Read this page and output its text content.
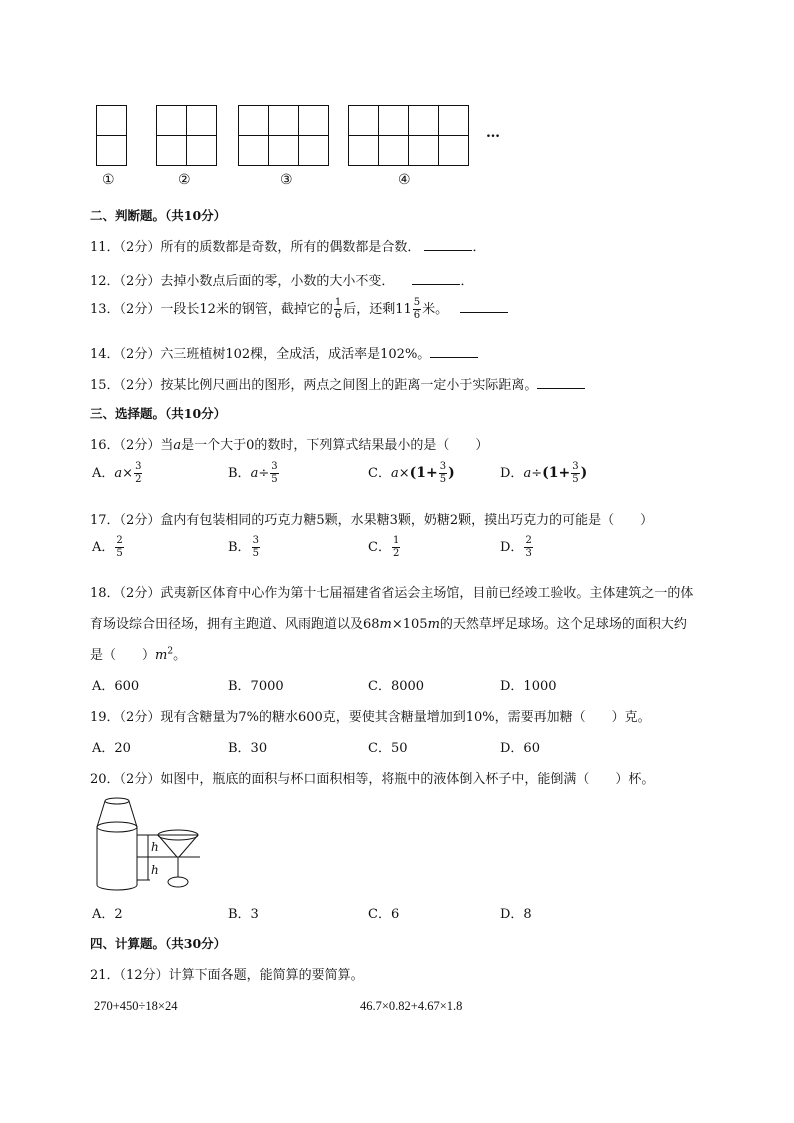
…
①	②	③	④
二、判断题。（共10分）
11．（2分）所有的质数都是奇数，所有的偶数都是合数．	．
12．（2分）去掉小数点后面的零，小数的大小不变．	．
13．（2分）一段长12米的钢管，截掉它的 $\frac{1}{6}$ 后，还剩$11 \frac{5}{6}$ 米。
14．（2分）六三班植树102棵，全成活，成活率是102%。
15．（2分）按某比例尺画出的图形，两点之间图上的距离一定小于实际距离。
三、选择题。（共10分）
16．（2分）当a是一个大于0的数时，下列算式结果最小的是（　　）
A．$a\times \frac{3}{2}$	B．$a\div \frac{3}{5}$	C．$a\times(1+ \frac{3}{5}$ )	D．$a\div(1+ \frac{3}{5}$ )
17．（2分）盒内有包装相同的巧克力糖5颗，水果糖3颗，奶糖2颗，摸出巧克力的可能是（　　）
A． $\frac{2}{5}$	B． $\frac{3}{5}$	C． $\frac{1}{2}$	D． $\frac{2}{3}$
18．（2分）武夷新区体育中心作为第十七届福建省省运会主场馆，目前已经竣工验收。主体建筑之一的体
育场设综合田径场，拥有主跑道、风雨跑道以及68m×105m的天然草坪足球场。这个足球场的面积大约
是（　　）$m^2$。
A．600	B．7000	C．8000	D．1000
19．（2分）现有含糖量为7%的糖水600克，要使其含糖量增加到10%，需要再加糖（　　）克。
A．20	B．30	C．50	D．60
20．（2分）如图中，瓶底的面积与杯口面积相等，将瓶中的液体倒入杯子中，能倒满（　　）杯。
h
h
A．2	B．3	C．6	D．8
四、计算题。（共30分）
21．（12分）计算下面各题，能简算的要简算。
270+450÷18×24	46.7×0.82+4.67×1.8
